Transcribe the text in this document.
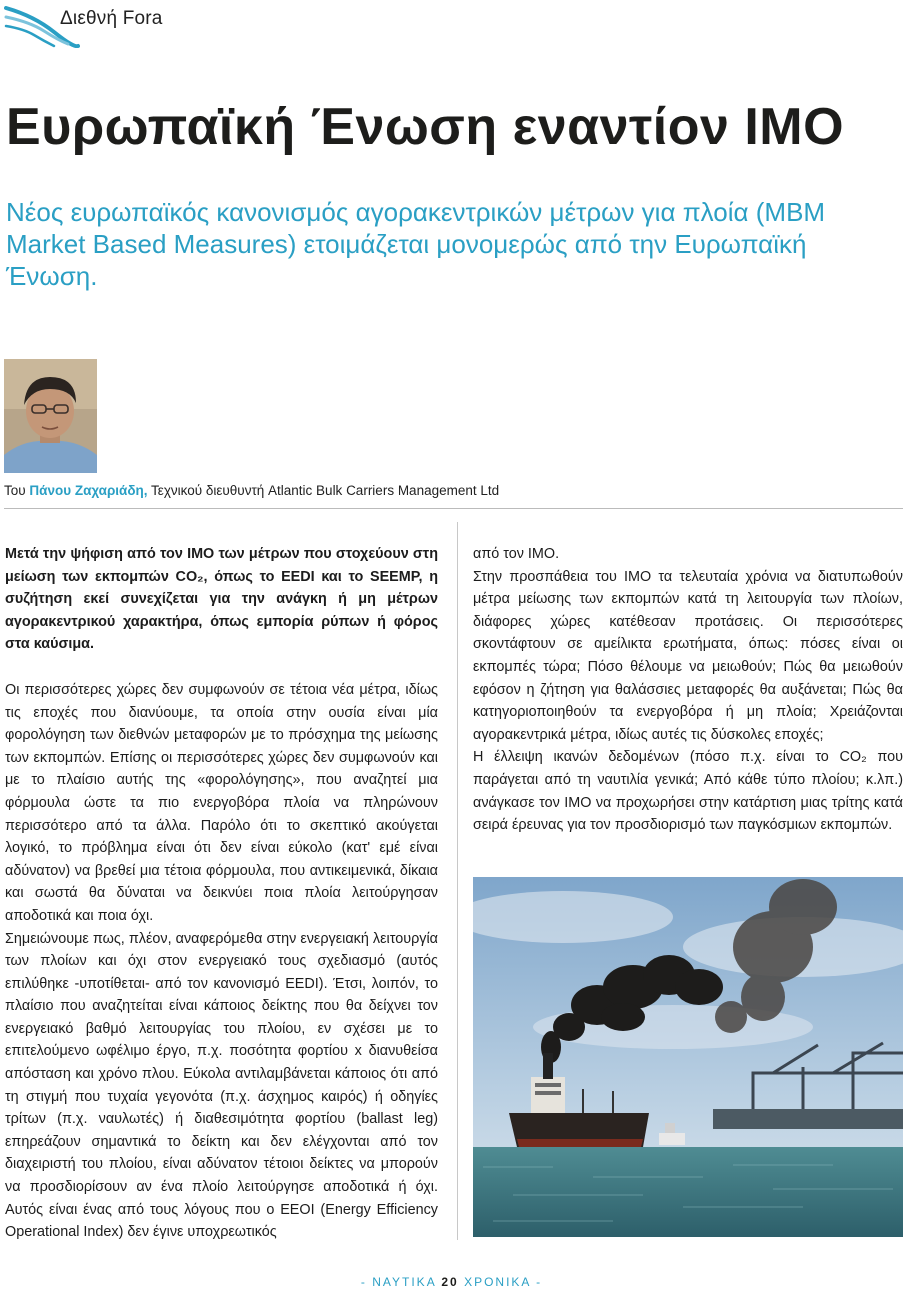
Διεθνή Fora
Ευρωπαϊκή Ένωση εναντίον ΙΜΟ

Νέος ευρωπαϊκός κανονισμός αγορακεντρικών μέτρων για πλοία (MBM Market Based Measures) ετοιμάζεται μονομερώς από την Ευρωπαϊκή Ένωση.

Του Πάνου Ζαχαριάδη, Τεχνικού διευθυντή Atlantic Bulk Carriers Management Ltd

Μετά την ψήφιση από τον ΙΜΟ των μέτρων που στοχεύουν στη μείωση των εκπομπών CO₂, όπως το EEDI και το SEEMP, η συζήτηση εκεί συνεχίζεται για την ανάγκη ή μη μέτρων αγορακεντρικού χαρακτήρα, όπως εμπορία ρύπων ή φόρος στα καύσιμα.

Οι περισσότερες χώρες δεν συμφωνούν σε τέτοια νέα μέτρα, ιδίως τις εποχές που διανύουμε, τα οποία στην ουσία είναι μία φορολόγηση των διεθνών μεταφορών με το πρόσχημα της μείωσης των εκπομπών. Επίσης οι περισσότερες χώρες δεν συμφωνούν και με το πλαίσιο αυτής της «φορολόγησης», που αναζητεί μια φόρμουλα ώστε τα πιο ενεργοβόρα πλοία να πληρώνουν περισσότερο από τα άλλα. Παρόλο ότι το σκεπτικό ακούγεται λογικό, το πρόβλημα είναι ότι δεν είναι εύκολο (κατ' εμέ είναι αδύνατον) να βρεθεί μια τέτοια φόρμουλα, που αντικειμενικά, δίκαια και σωστά θα δύναται να δεικνύει ποια πλοία λειτούργησαν αποδοτικά και ποια όχι.

Σημειώνουμε πως, πλέον, αναφερόμεθα στην ενεργειακή λειτουργία των πλοίων και όχι στον ενεργειακό τους σχεδιασμό (αυτός επιλύθηκε -υποτίθεται- από τον κανονισμό EEDI). Έτσι, λοιπόν, το πλαίσιο που αναζητείται είναι κάποιος δείκτης που θα δείχνει τον ενεργειακό βαθμό λειτουργίας του πλοίου, εν σχέσει με το επιτελούμενο ωφέλιμο έργο, π.χ. ποσότητα φορτίου x διανυθείσα απόσταση και χρόνο πλου. Εύκολα αντιλαμβάνεται κάποιος ότι από τη στιγμή που τυχαία γεγονότα (π.χ. άσχημος καιρός) ή οδηγίες τρίτων (π.χ. ναυλωτές) ή διαθεσιμότητα φορτίου (ballast leg) επηρεάζουν σημαντικά το δείκτη και δεν ελέγχονται από τον διαχειριστή του πλοίου, είναι αδύνατον τέτοιοι δείκτες να μπορούν να προσδιορίσουν αν ένα πλοίο λειτούργησε αποδοτικά ή όχι. Αυτός είναι ένας από τους λόγους που ο EEOI (Energy Efficiency Operational Index) δεν έγινε υποχρεωτικός

από τον ΙΜΟ.

Στην προσπάθεια του ΙΜΟ τα τελευταία χρόνια να διατυπωθούν μέτρα μείωσης των εκπομπών κατά τη λειτουργία των πλοίων, διάφορες χώρες κατέθεσαν προτάσεις. Οι περισσότερες σκοντάφτουν σε αμείλικτα ερωτήματα, όπως: πόσες είναι οι εκπομπές τώρα; Πόσο θέλουμε να μειωθούν; Πώς θα μειωθούν εφόσον η ζήτηση για θαλάσσιες μεταφορές θα αυξάνεται; Πώς θα κατηγοριοποιηθούν τα ενεργοβόρα ή μη πλοία; Χρειάζονται αγορακεντρικά μέτρα, ιδίως αυτές τις δύσκολες εποχές;

Η έλλειψη ικανών δεδομένων (πόσο π.χ. είναι το CO₂ που παράγεται από τη ναυτιλία γενικά; Από κάθε τύπο πλοίου; κ.λπ.) ανάγκασε τον ΙΜΟ να προχωρήσει στην κατάρτιση μιας τρίτης κατά σειρά έρευνας για τον προσδιορισμό των παγκόσμιων εκπομπών.

- ΝΑΥΤΙΚΑ 20 ΧΡΟΝΙΚΑ -
